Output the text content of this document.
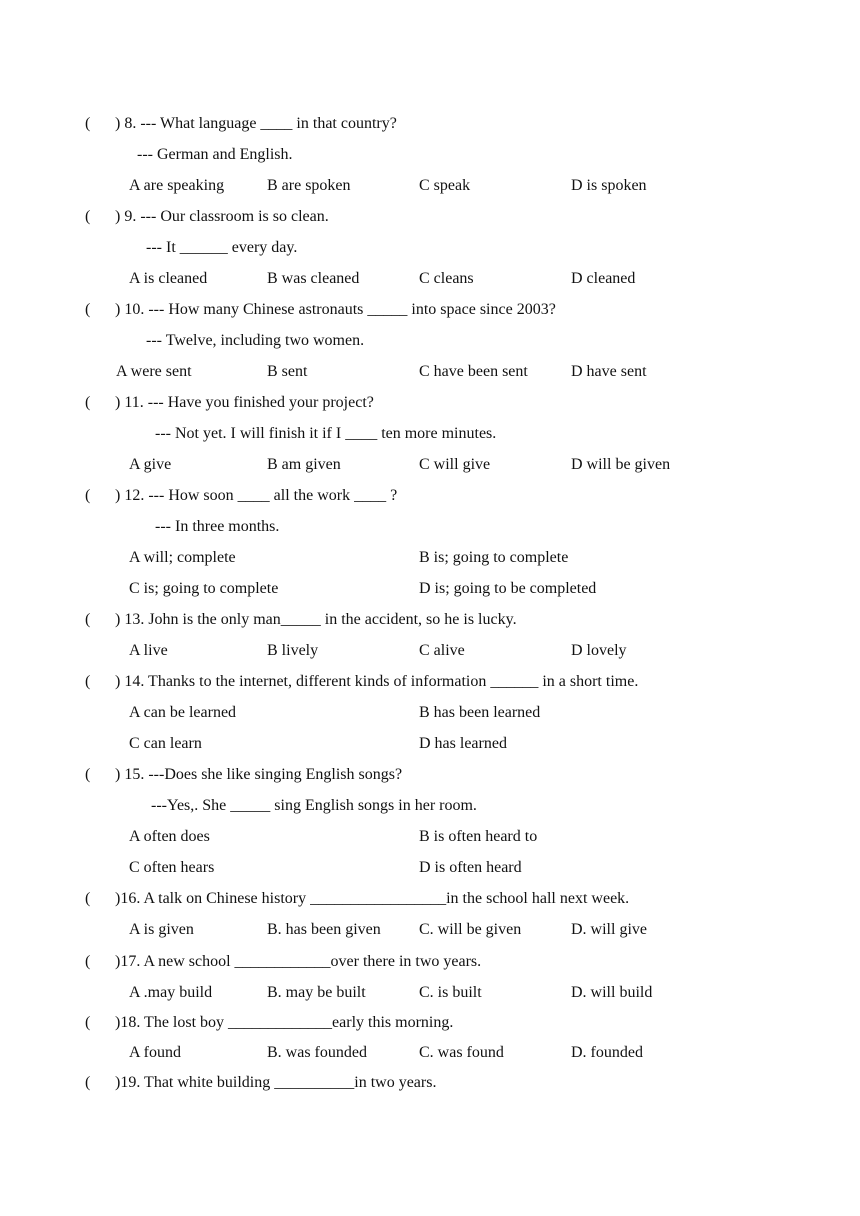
( ) 8. --- What language ____ in that country?
--- German and English.
A are speaking	B are spoken	C speak	D is spoken
( ) 9. --- Our classroom is so clean.
--- It ______ every day.
A is cleaned	B was cleaned	C cleans	D cleaned
( ) 10. --- How many Chinese astronauts _____ into space since 2003?
--- Twelve, including two women.
A were sent	B sent	C have been sent	D have sent
( ) 11. --- Have you finished your project?
--- Not yet. I will finish it if I ____ ten more minutes.
A give	B am given	C will give	D will be given
( ) 12. --- How soon ____ all the work ____ ?
--- In three months.
A will; complete	B is; going to complete
C is; going to complete	D is; going to be completed
( ) 13. John is the only man_____ in the accident, so he is lucky.
A live	B lively	C alive	D lovely
( ) 14. Thanks to the internet, different kinds of information ______ in a short time.
A can be learned	B has been learned
C can learn	D has learned
( ) 15. ---Does she like singing English songs?
---Yes,. She _____ sing English songs in her room.
A often does	B is often heard to
C often hears	D is often heard
( )16. A talk on Chinese history _________________in the school hall next week.
A is given	B. has been given C. will be given	D. will give
( )17. A new school ____________over there in two years.
A .may build	B. may be built	C. is built	D. will build
( )18. The lost boy _____________early this morning.
A found	B. was founded	C. was found	D. founded
( )19. That white building __________in two years.
